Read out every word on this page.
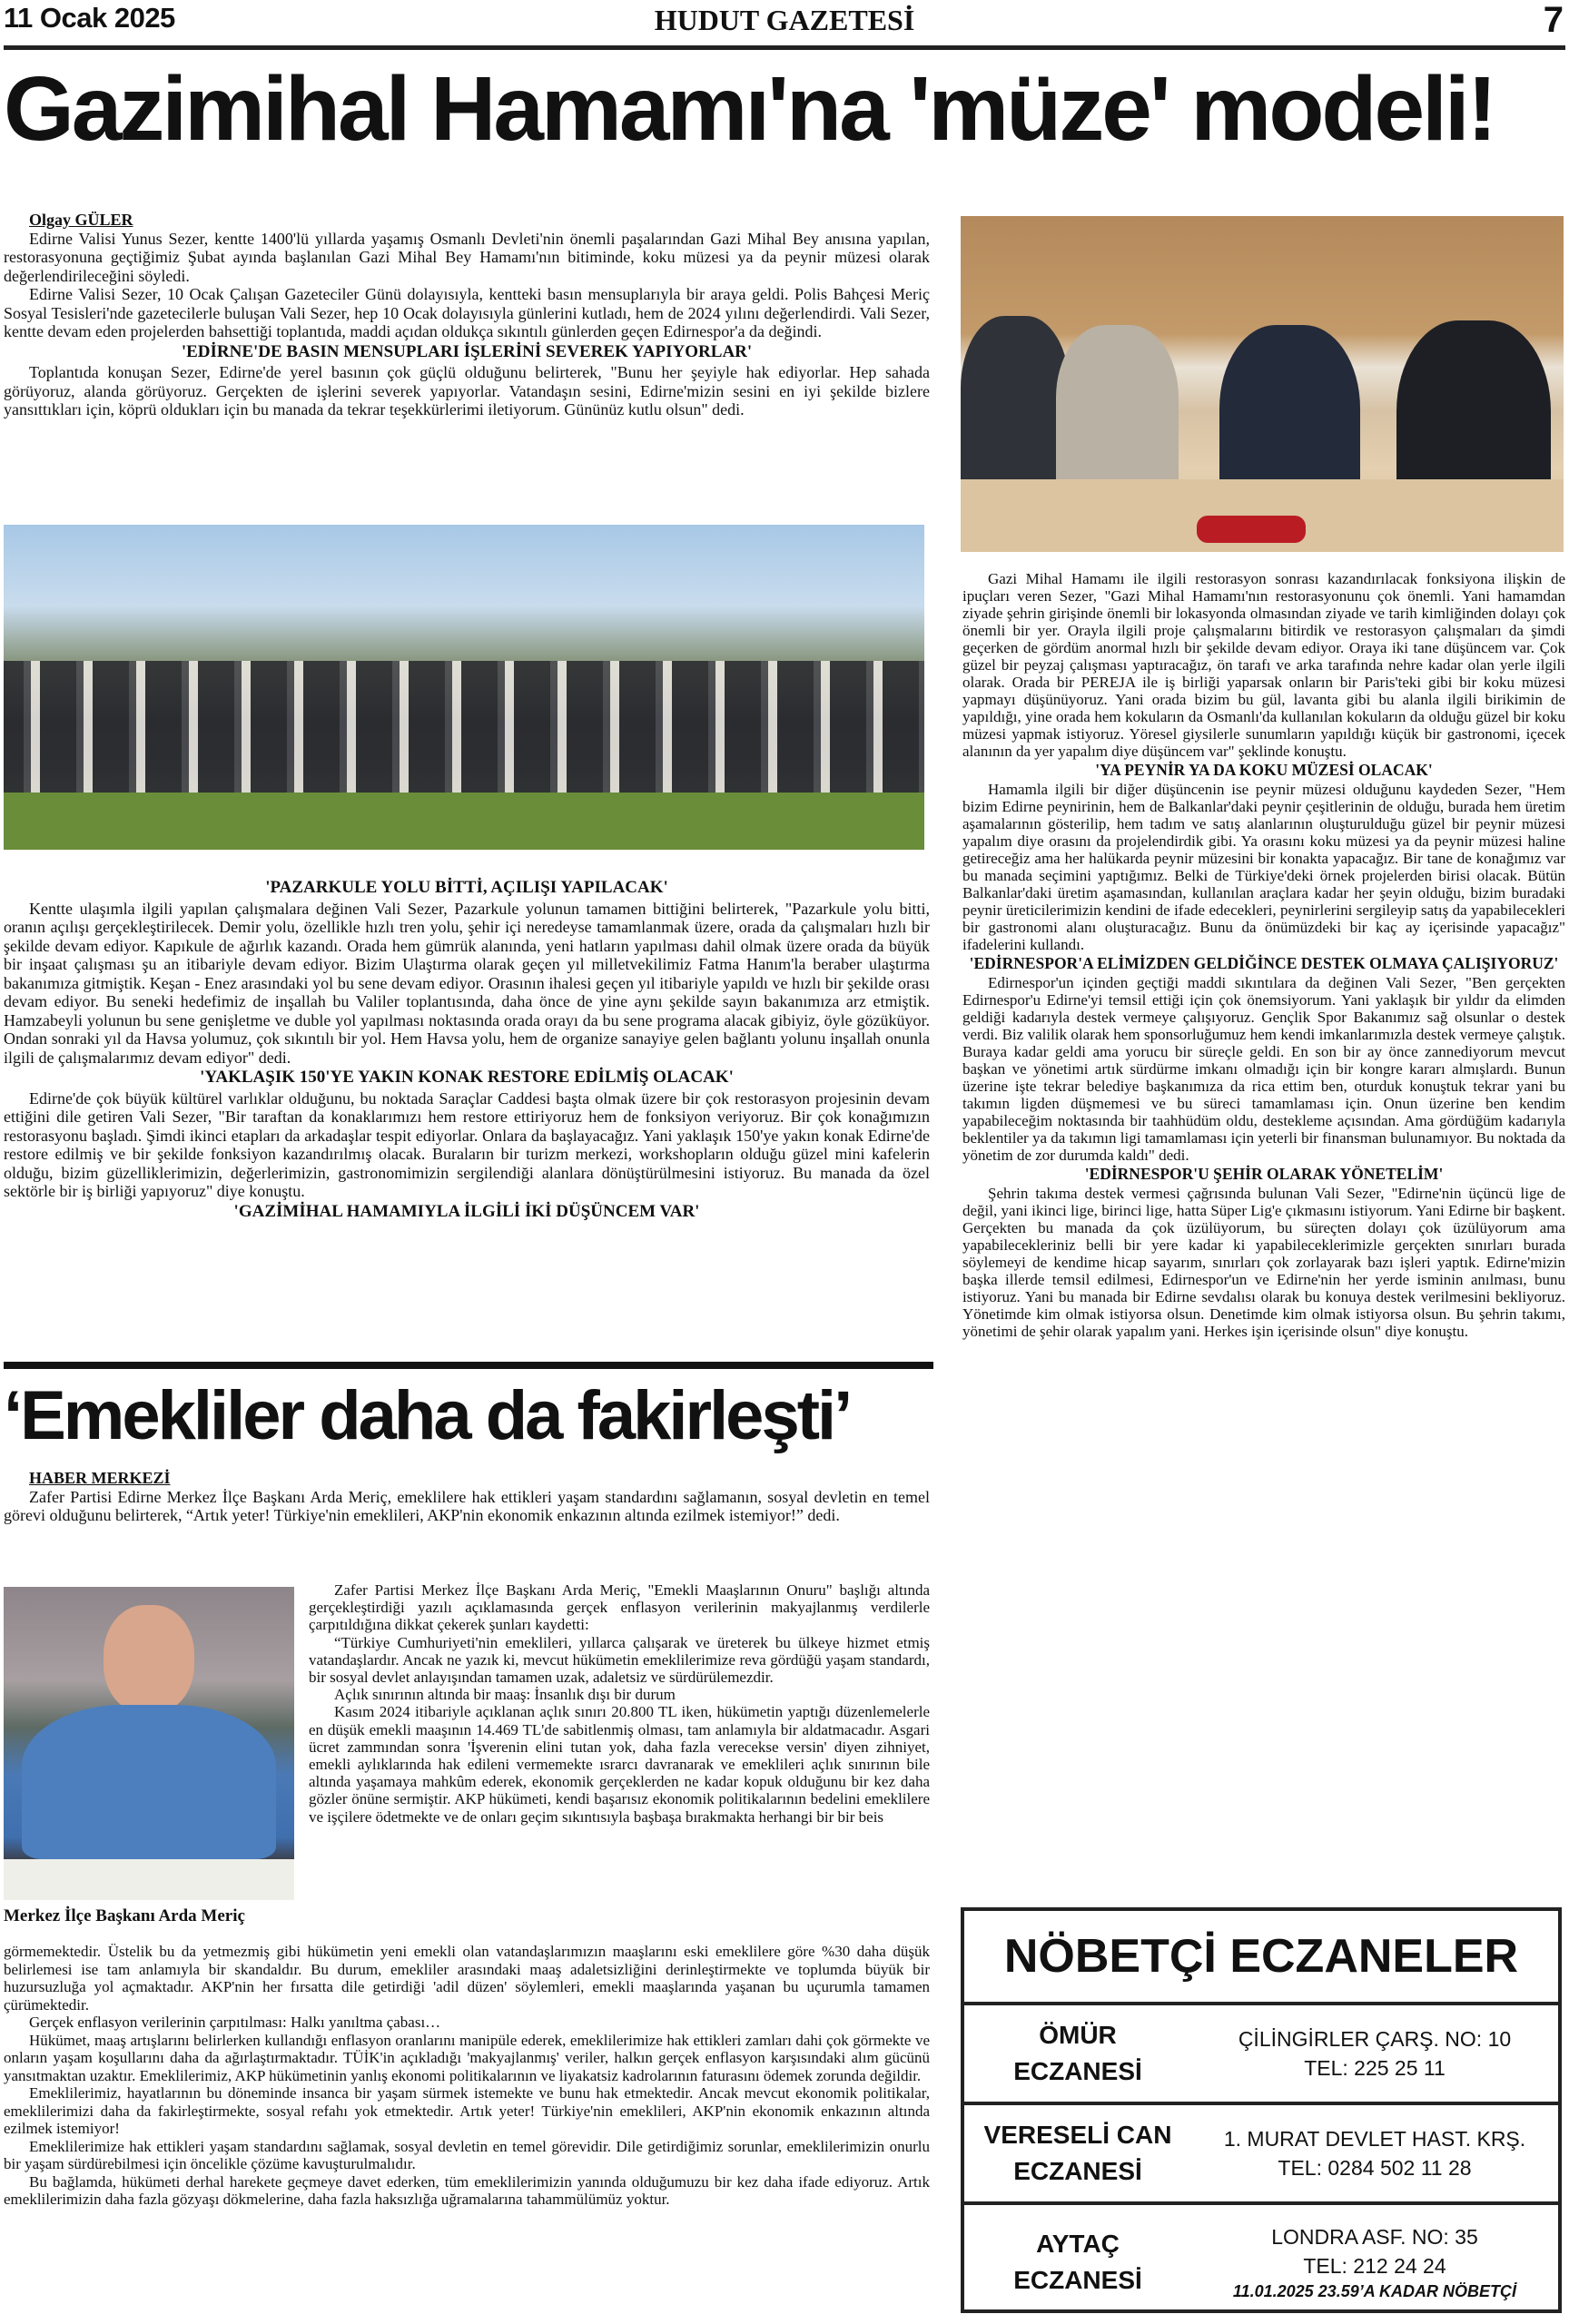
11 Ocak 2025	HUDUT GAZETESİ	7
Gazimihal Hamamı'na 'müze' modeli!

Olgay GÜLER

Edirne Valisi Yunus Sezer, kentte 1400'lü yıllarda yaşamış Osmanlı Devleti'nin önemli paşalarından Gazi Mihal Bey anısına yapılan, restorasyonuna geçtiğimiz Şubat ayında başlanılan Gazi Mihal Bey Hamamı'nın bitiminde, koku müzesi ya da peynir müzesi olarak değerlendirileceğini söyledi.

Edirne Valisi Sezer, 10 Ocak Çalışan Gazeteciler Günü dolayısıyla, kentteki basın mensuplarıyla bir araya geldi. Polis Bahçesi Meriç Sosyal Tesisleri'nde gazetecilerle buluşan Vali Sezer, hep 10 Ocak dolayısıyla günlerini kutladı, hem de 2024 yılını değerlendirdi. Vali Sezer, kentte devam eden projelerden bahsettiği toplantıda, maddi açıdan oldukça sıkıntılı günlerden geçen Edirnespor'a da değindi.

'EDİRNE'DE BASIN MENSUPLARI İŞLERİNİ SEVEREK YAPIYORLAR'

Toplantıda konuşan Sezer, Edirne'de yerel basının çok güçlü olduğunu belirterek, "Bunu her şeyiyle hak ediyorlar. Hep sahada görüyoruz, alanda görüyoruz. Gerçekten de işlerini severek yapıyorlar. Vatandaşın sesini, Edirne'mizin sesini en iyi şekilde bizlere yansıttıkları için, köprü oldukları için bu manada da tekrar teşekkürlerimi iletiyorum. Gününüz kutlu olsun" dedi.

'PAZARKULE YOLU BİTTİ, AÇILIŞI YAPILACAK'

Kentte ulaşımla ilgili yapılan çalışmalara değinen Vali Sezer, Pazarkule yolunun tamamen bittiğini belirterek, "Pazarkule yolu bitti, oranın açılışı gerçekleştirilecek. Demir yolu, özellikle hızlı tren yolu, şehir içi neredeyse tamamlanmak üzere, orada da çalışmaları hızlı bir şekilde devam ediyor. Kapıkule de ağırlık kazandı. Orada hem gümrük alanında, yeni hatların yapılması dahil olmak üzere orada da büyük bir inşaat çalışması şu an itibariyle devam ediyor. Bizim Ulaştırma olarak geçen yıl milletvekilimiz Fatma Hanım'la beraber ulaştırma bakanımıza gitmiştik. Keşan - Enez arasındaki yol bu sene devam ediyor. Orasının ihalesi geçen yıl itibariyle yapıldı ve hızlı bir şekilde orası devam ediyor. Bu seneki hedefimiz de inşallah bu Valiler toplantısında, daha önce de yine aynı şekilde sayın bakanımıza arz etmiştik. Hamzabeyli yolunun bu sene genişletme ve duble yol yapılması noktasında orada orayı da bu sene programa alacak gibiyiz, öyle gözüküyor. Ondan sonraki yıl da Havsa yolumuz, çok sıkıntılı bir yol. Hem Havsa yolu, hem de organize sanayiye gelen bağlantı yolunu inşallah onunla ilgili de çalışmalarımız devam ediyor" dedi.

'YAKLAŞIK 150'YE YAKIN KONAK RESTORE EDİLMİŞ OLACAK'

Edirne'de çok büyük kültürel varlıklar olduğunu, bu noktada Saraçlar Caddesi başta olmak üzere bir çok restorasyon projesinin devam ettiğini dile getiren Vali Sezer, "Bir taraftan da konaklarımızı hem restore ettiriyoruz hem de fonksiyon veriyoruz. Bir çok konağımızın restorasyonu başladı. Şimdi ikinci etapları da arkadaşlar tespit ediyorlar. Onlara da başlayacağız. Yani yaklaşık 150'ye yakın konak Edirne'de restore edilmiş ve bir şekilde fonksiyon kazandırılmış olacak. Buraların bir turizm merkezi, workshopların olduğu güzel mini kafelerin olduğu, bizim güzelliklerimizin, değerlerimizin, gastronomimizin sergilendiği alanlara dönüştürülmesini istiyoruz. Bu manada da özel sektörle bir iş birliği yapıyoruz" diye konuştu.

'GAZİMİHAL HAMAMIYLA İLGİLİ İKİ DÜŞÜNCEM VAR'

Gazi Mihal Hamamı ile ilgili restorasyon sonrası kazandırılacak fonksiyona ilişkin de ipuçları veren Sezer, "Gazi Mihal Hamamı'nın restorasyonunu çok önemli. Yani hamamdan ziyade şehrin girişinde önemli bir lokasyonda olmasından ziyade ve tarih kimliğinden dolayı çok önemli bir yer. Orayla ilgili proje çalışmalarını bitirdik ve restorasyon çalışmaları da şimdi geçerken de gördüm anormal hızlı bir şekilde devam ediyor. Oraya iki tane düşüncem var. Çok güzel bir peyzaj çalışması yaptıracağız, ön tarafı ve arka tarafında nehre kadar olan yerle ilgili olarak. Orada bir PEREJA ile iş birliği yaparsak onların bir Paris'teki gibi bir koku müzesi yapmayı düşünüyoruz. Yani orada bizim bu gül, lavanta gibi bu alanla ilgili birikimin de yapıldığı, yine orada hem kokuların da Osmanlı'da kullanılan kokuların da olduğu güzel bir koku müzesi yapmak istiyoruz. Yöresel giysilerle sunumların yapıldığı küçük bir gastronomi, içecek alanının da yer yapalım diye düşüncem var" şeklinde konuştu.

'YA PEYNİR YA DA KOKU MÜZESİ OLACAK'

Hamamla ilgili bir diğer düşüncenin ise peynir müzesi olduğunu kaydeden Sezer, "Hem bizim Edirne peynirinin, hem de Balkanlar'daki peynir çeşitlerinin de olduğu, burada hem üretim aşamalarının gösterilip, hem tadım ve satış alanlarının oluşturulduğu güzel bir peynir müzesi yapalım diye orasını da projelendirdik gibi. Ya orasını koku müzesi ya da peynir müzesi haline getireceğiz ama her halükarda peynir müzesini bir konakta yapacağız. Bir tane de konağımız var bu manada seçimini yaptığımız. Belki de Türkiye'deki örnek projelerden birisi olacak. Bütün Balkanlar'daki üretim aşamasından, kullanılan araçlara kadar her şeyin olduğu, bizim buradaki peynir üreticilerimizin kendini de ifade edecekleri, peynirlerini sergileyip satış da yapabilecekleri bir gastronomi alanı oluşturacağız. Bunu da önümüzdeki bir kaç ay içerisinde yapacağız" ifadelerini kullandı.

'EDİRNESPOR'A ELİMİZDEN GELDİĞİNCE DESTEK OLMAYA ÇALIŞIYORUZ'

Edirnespor'un içinden geçtiği maddi sıkıntılara da değinen Vali Sezer, "Ben gerçekten Edirnespor'u Edirne'yi temsil ettiği için çok önemsiyorum. Yani yaklaşık bir yıldır da elimden geldiği kadarıyla destek vermeye çalışıyoruz. Gençlik Spor Bakanımız sağ olsunlar o destek verdi. Biz valilik olarak hem sponsorluğumuz hem kendi imkanlarımızla destek vermeye çalıştık. Buraya kadar geldi ama yorucu bir süreçle geldi. En son bir ay önce zannediyorum mevcut başkan ve yönetimi artık sürdürme imkanı olmadığı için bir kongre kararı almışlardı. Bunun üzerine işte tekrar belediye başkanımıza da rica ettim ben, oturduk konuştuk tekrar yani bu takımın ligden düşmemesi ve bu süreci tamamlaması için. Onun üzerine ben kendim yapabileceğim noktasında bir taahhüdüm oldu, destekleme açısından. Ama gördüğüm kadarıyla beklentiler ya da takımın ligi tamamlaması için yeterli bir finansman bulunamıyor. Bu noktada da yönetim de zor durumda kaldı" dedi.

'EDİRNESPOR'U ŞEHİR OLARAK YÖNETELİM'

Şehrin takıma destek vermesi çağrısında bulunan Vali Sezer, "Edirne'nin üçüncü lige de değil, yani ikinci lige, birinci lige, hatta Süper Lig'e çıkmasını istiyorum. Yani Edirne bir başkent. Gerçekten bu manada da çok üzülüyorum, bu süreçten dolayı çok üzülüyorum ama yapabilecekleriniz belli bir yere kadar ki yapabileceklerimizle gerçekten sınırları burada söylemeyi de kendime hicap sayarım, sınırları çok zorlayarak bazı işleri yaptık. Edirne'mizin başka illerde temsil edilmesi, Edirnespor'un ve Edirne'nin her yerde isminin anılması, bunu istiyoruz. Yani bu manada bir Edirne sevdalısı olarak bu konuya destek verilmesini bekliyoruz. Yönetimde kim olmak istiyorsa olsun. Denetimde kim olmak istiyorsa olsun. Bu şehrin takımı, yönetimi de şehir olarak yapalım yani. Herkes işin içerisinde olsun" diye konuştu.

‘Emekliler daha da fakirleşti’

HABER MERKEZİ

Zafer Partisi Edirne Merkez İlçe Başkanı Arda Meriç, emeklilere hak ettikleri yaşam standardını sağlamanın, sosyal devletin en temel görevi olduğunu belirterek, “Artık yeter! Türkiye'nin emeklileri, AKP'nin ekonomik enkazının altında ezilmek istemiyor!” dedi.

Merkez İlçe Başkanı Arda Meriç

Zafer Partisi Merkez İlçe Başkanı Arda Meriç, "Emekli Maaşlarının Onuru" başlığı altında gerçekleştirdiği yazılı açıklamasında gerçek enflasyon verilerinin makyajlanmış verdilerle çarpıtıldığına dikkat çekerek şunları kaydetti:

“Türkiye Cumhuriyeti'nin emeklileri, yıllarca çalışarak ve üreterek bu ülkeye hizmet etmiş vatandaşlardır. Ancak ne yazık ki, mevcut hükümetin emeklilerimize reva gördüğü yaşam standardı, bir sosyal devlet anlayışından tamamen uzak, adaletsiz ve sürdürülemezdir.

Açlık sınırının altında bir maaş: İnsanlık dışı bir durum

Kasım 2024 itibariyle açıklanan açlık sınırı 20.800 TL iken, hükümetin yaptığı düzenlemelerle en düşük emekli maaşının 14.469 TL'de sabitlenmiş olması, tam anlamıyla bir aldatmacadır. Asgari ücret zammından sonra 'İşverenin elini tutan yok, daha fazla verecekse versin' diyen zihniyet, emekli aylıklarında hak edileni vermemekte ısrarcı davranarak ve emeklileri açlık sınırının bile altında yaşamaya mahkûm ederek, ekonomik gerçeklerden ne kadar kopuk olduğunu bir kez daha gözler önüne sermiştir. AKP hükümeti, kendi başarısız ekonomik politikalarının bedelini emeklilere ve işçilere ödetmekte ve de onları geçim sıkıntısıyla başbaşa bırakmakta herhangi bir bir beis

görmemektedir. Üstelik bu da yetmezmiş gibi hükümetin yeni emekli olan vatandaşlarımızın maaşlarını eski emeklilere göre %30 daha düşük belirlemesi ise tam anlamıyla bir skandaldır. Bu durum, emekliler arasındaki maaş adaletsizliğini derinleştirmekte ve toplumda büyük bir huzursuzluğa yol açmaktadır. AKP'nin her fırsatta dile getirdiği 'adil düzen' söylemleri, emekli maaşlarında yaşanan bu uçurumla tamamen çürümektedir.

Gerçek enflasyon verilerinin çarpıtılması: Halkı yanıltma çabası…

Hükümet, maaş artışlarını belirlerken kullandığı enflasyon oranlarını manipüle ederek, emeklilerimize hak ettikleri zamları dahi çok görmekte ve onların yaşam koşullarını daha da ağırlaştırmaktadır. TÜİK'in açıkladığı 'makyajlanmış' veriler, halkın gerçek enflasyon karşısındaki alım gücünü yansıtmaktan uzaktır. Emeklilerimiz, AKP hükümetinin yanlış ekonomi politikalarının ve liyakatsiz kadrolarının faturasını ödemek zorunda değildir.

Emeklilerimiz, hayatlarının bu döneminde insanca bir yaşam sürmek istemekte ve bunu hak etmektedir. Ancak mevcut ekonomik politikalar, emeklilerimizi daha da fakirleştirmekte, sosyal refahı yok etmektedir. Artık yeter! Türkiye'nin emeklileri, AKP'nin ekonomik enkazının altında ezilmek istemiyor!

Emeklilerimize hak ettikleri yaşam standardını sağlamak, sosyal devletin en temel görevidir. Dile getirdiğimiz sorunlar, emeklilerimizin onurlu bir yaşam sürdürebilmesi için öncelikle çözüme kavuşturulmalıdır.

Bu bağlamda, hükümeti derhal harekete geçmeye davet ederken, tüm emeklilerimizin yanında olduğumuzu bir kez daha ifade ediyoruz. Artık emeklilerimizin daha fazla gözyaşı dökmelerine, daha fazla haksızlığa uğramalarına tahammülümüz yoktur.

NÖBETÇİ ECZANELER
ÖMÜR
ECZANESİ
ÇİLİNGİRLER ÇARŞ. NO: 10
TEL: 225 25 11
VERESELİ CAN
ECZANESİ
1. MURAT DEVLET HAST. KRŞ.
TEL: 0284 502 11 28
AYTAÇ
ECZANESİ
LONDRA ASF. NO: 35
TEL: 212 24 24
11.01.2025 23.59’A KADAR NÖBETÇİ
